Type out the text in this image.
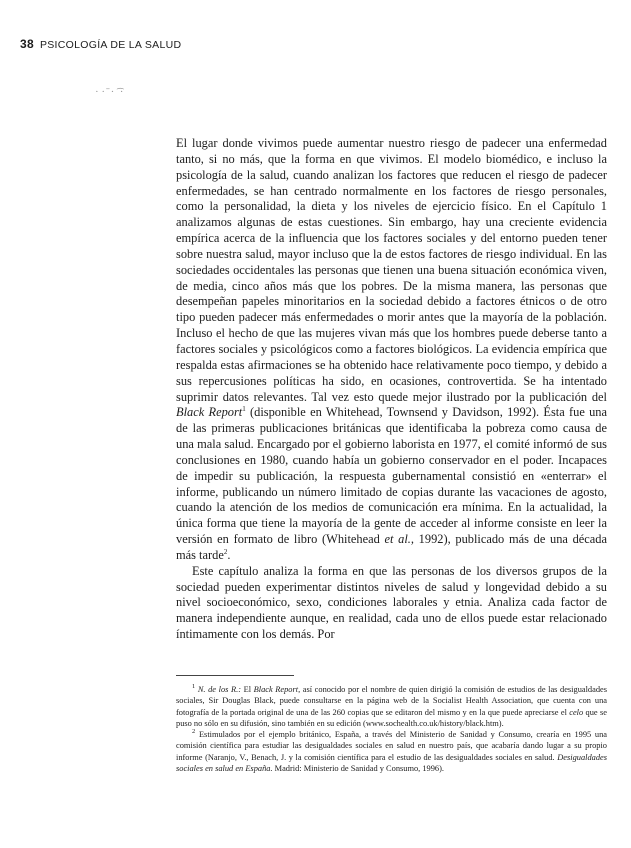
38 PSICOLOGÍA DE LA SALUD
· · ̄ · ͡ ·

El lugar donde vivimos puede aumentar nuestro riesgo de padecer una enfermedad tanto, si no más, que la forma en que vivimos. El modelo biomédico, e incluso la psicología de la salud, cuando analizan los factores que reducen el riesgo de padecer enfermedades, se han centrado normalmente en los factores de riesgo personales, como la personalidad, la dieta y los niveles de ejercicio físico. En el Capítulo 1 analizamos algunas de estas cuestiones. Sin embargo, hay una creciente evidencia empírica acerca de la influencia que los factores sociales y del entorno pueden tener sobre nuestra salud, mayor incluso que la de estos factores de riesgo individual. En las sociedades occidentales las personas que tienen una buena situación económica viven, de media, cinco años más que los pobres. De la misma manera, las personas que desempeñan papeles minoritarios en la sociedad debido a factores étnicos o de otro tipo pueden padecer más enfermedades o morir antes que la mayoría de la población. Incluso el hecho de que las mujeres vivan más que los hombres puede deberse tanto a factores sociales y psicológicos como a factores biológicos. La evidencia empírica que respalda estas afirmaciones se ha obtenido hace relativamente poco tiempo, y debido a sus repercusiones políticas ha sido, en ocasiones, controvertida. Se ha intentado suprimir datos relevantes. Tal vez esto quede mejor ilustrado por la publicación del Black Report$^1$ (disponible en Whitehead, Townsend y Davidson, 1992). Ésta fue una de las primeras publicaciones británicas que identificaba la pobreza como causa de una mala salud. Encargado por el gobierno laborista en 1977, el comité informó de sus conclusiones en 1980, cuando había un gobierno conservador en el poder. Incapaces de impedir su publicación, la respuesta gubernamental consistió en «enterrar» el informe, publicando un número limitado de copias durante las vacaciones de agosto, cuando la atención de los medios de comunicación era mínima. En la actualidad, la única forma que tiene la mayoría de la gente de acceder al informe consiste en leer la versión en formato de libro (Whitehead et al., 1992), publicado más de una década más tarde$^2$.

Este capítulo analiza la forma en que las personas de los diversos grupos de la sociedad pueden experimentar distintos niveles de salud y longevidad debido a su nivel socioeconómico, sexo, condiciones laborales y etnia. Analiza cada factor de manera independiente aunque, en realidad, cada uno de ellos puede estar relacionado íntimamente con los demás. Por

$^1$ N. de los R.: El Black Report, así conocido por el nombre de quien dirigió la comisión de estudios de las desigualdades sociales, Sir Douglas Black, puede consultarse en la página web de la Socialist Health Association, que cuenta con una fotografía de la portada original de una de las 260 copias que se editaron del mismo y en la que puede apreciarse el celo que se puso no sólo en su difusión, sino también en su edición (www.sochealth.co.uk/history/black.htm).

$^2$ Estimulados por el ejemplo británico, España, a través del Ministerio de Sanidad y Consumo, crearía en 1995 una comisión científica para estudiar las desigualdades sociales en salud en nuestro país, que acabaría dando lugar a su propio informe (Naranjo, V., Benach, J. y la comisión científica para el estudio de las desigualdades sociales en salud. Desigualdades sociales en salud en España. Madrid: Ministerio de Sanidad y Consumo, 1996).
